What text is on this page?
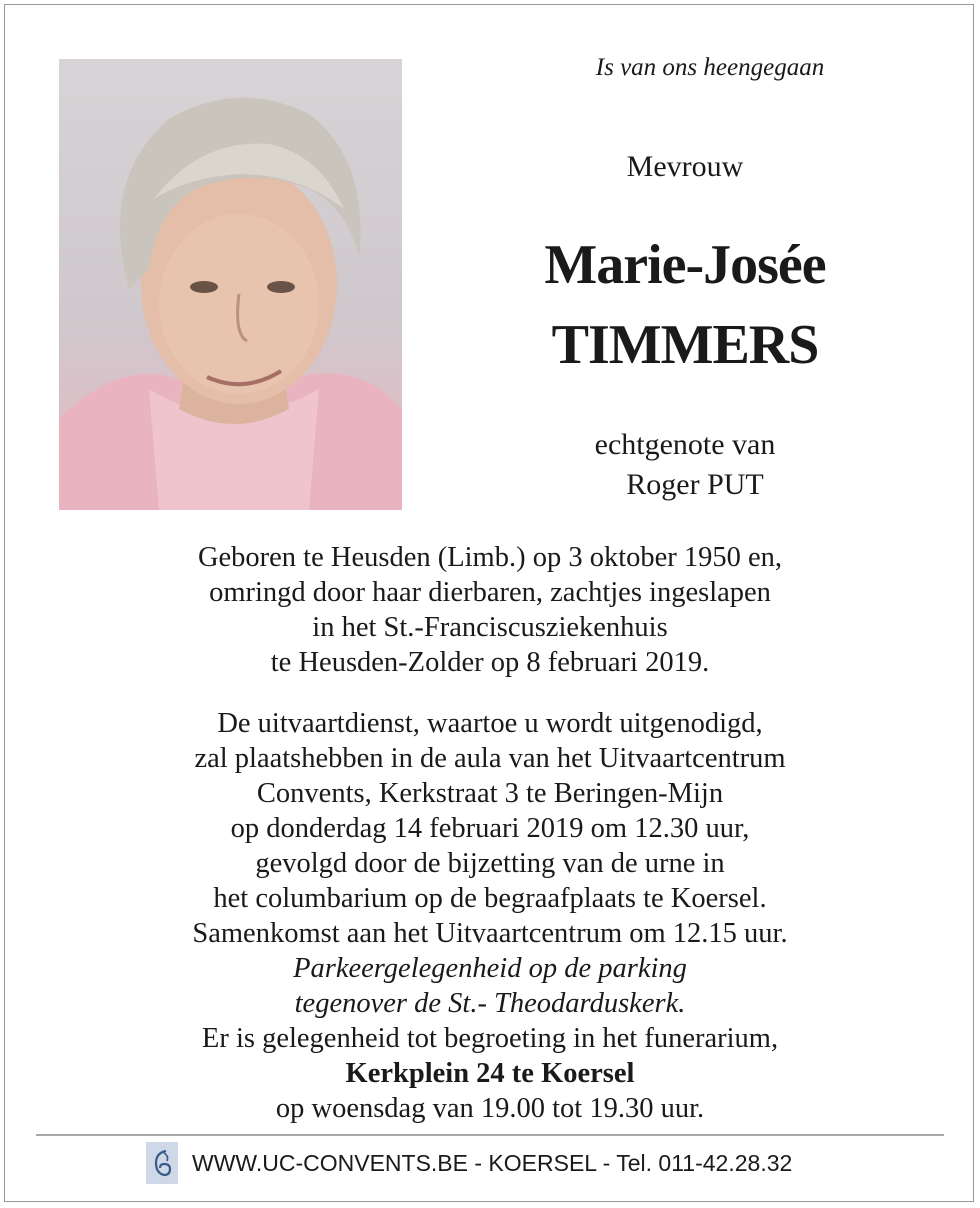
Is van ons heengegaan
Mevrouw
Marie-Josée
TIMMERS
echtgenote van
Roger PUT
Geboren te Heusden (Limb.) op 3 oktober 1950 en,
omringd door haar dierbaren, zachtjes ingeslapen
in het St.-Franciscusziekenhuis
te Heusden-Zolder op 8 februari 2019.
De uitvaartdienst, waartoe u wordt uitgenodigd,
zal plaatshebben in de aula van het Uitvaartcentrum
Convents, Kerkstraat 3 te Beringen-Mijn
op donderdag 14 februari 2019 om 12.30 uur,
gevolgd door de bijzetting van de urne in
het columbarium op de begraafplaats te Koersel.
Samenkomst aan het Uitvaartcentrum om 12.15 uur.
Parkeergelegenheid op de parking
tegenover de St.- Theodarduskerk.
Er is gelegenheid tot begroeting in het funerarium,
Kerkplein 24 te Koersel
op woensdag van 19.00 tot 19.30 uur.
WWW.UC-CONVENTS.BE - KOERSEL - Tel. 011-42.28.32
